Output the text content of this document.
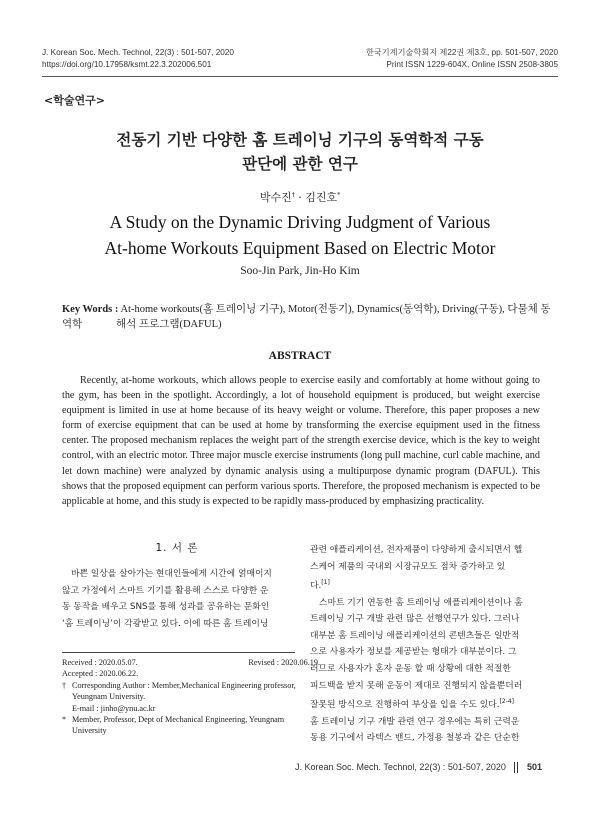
J. Korean Soc. Mech. Technol, 22(3) : 501-507, 2020
https://doi.org/10.17958/ksmt.22.3.202006.501
한국기계기술학회지 제22권 제3호, pp. 501-507, 2020
Print ISSN 1229-604X, Online ISSN 2508-3805
<학술연구>
전동기 기반 다양한 홈 트레이닝 기구의 동역학적 구동
판단에 관한 연구
박수진† · 김진호*
A Study on the Dynamic Driving Judgment of Various
At-home Workouts Equipment Based on Electric Motor
Soo-Jin Park, Jin-Ho Kim
Key Words : At-home workouts(홈 트레이닝 기구), Motor(전동기), Dynamics(동역학), Driving(구동), 다물체 동역학	해석 프로그램(DAFUL)
ABSTRACT
Recently, at-home workouts, which allows people to exercise easily and comfortably at home without going to the gym, has been in the spotlight. Accordingly, a lot of household equipment is produced, but weight exercise equipment is limited in use at home because of its heavy weight or volume. Therefore, this paper proposes a new form of exercise equipment that can be used at home by transforming the exercise equipment used in the fitness center. The proposed mechanism replaces the weight part of the strength exercise device, which is the key to weight control, with an electric motor. Three major muscle exercise instruments (long pull machine, curl cable machine, and let down machine) were analyzed by dynamic analysis using a multipurpose dynamic program (DAFUL). This shows that the proposed equipment can perform various sports. Therefore, the proposed mechanism is expected to be applicable at home, and this study is expected to be rapidly mass-produced by emphasizing practicality.
1. 서 론
바쁜 일상을 살아가는 현대인들에게 시간에 얽매이지
않고 가정에서 스마트 기기를 활용해 스스로 다양한 운
동 동작을 배우고 SNS를 통해 성과를 공유하는 문화인
‘홈 트레이닝’이 각광받고 있다. 이에 따른 홈 트레이닝
Received : 2020.05.07.	Revised : 2020.06.19.
Accepted : 2020.06.22.
† Corresponding Author : Member,Mechanical Engineering professor,
Yeungnam University.
E-mail : jinho@ynu.ac.kr
* Member, Professor, Dept of Mechanical Engineering, Yeungnam
University
관련 애플리케이션, 전자제품이 다양하게 출시되면서 헬
스케어 제품의 국내외 시장규모도 점차 증가하고 있
다.[1]
스마트 기기 연동한 홈 트레이닝 애플리케이션이나 홈
트레이닝 기구 개발 관련 많은 선행연구가 있다. 그러나
대부분 홈 트레이닝 애플리케이션의 콘텐츠들은 일반적
으로 사용자가 정보를 제공받는 형태가 대부분이다. 그
러므로 사용자가 혼자 운동 할 때 상황에 대한 적절한
피드백을 받지 못해 운동이 제대로 진행되지 않을뿐더러
잘못된 방식으로 진행하여 부상을 입을 수도 있다.[2-4]
홈 트레이닝 기구 개발 관련 연구 경우에는 특히 근력운
동용 기구에서 라텍스 밴드, 가정용 철봉과 같은 단순한
J. Korean Soc. Mech. Technol, 22(3) : 501-507, 2020 501
